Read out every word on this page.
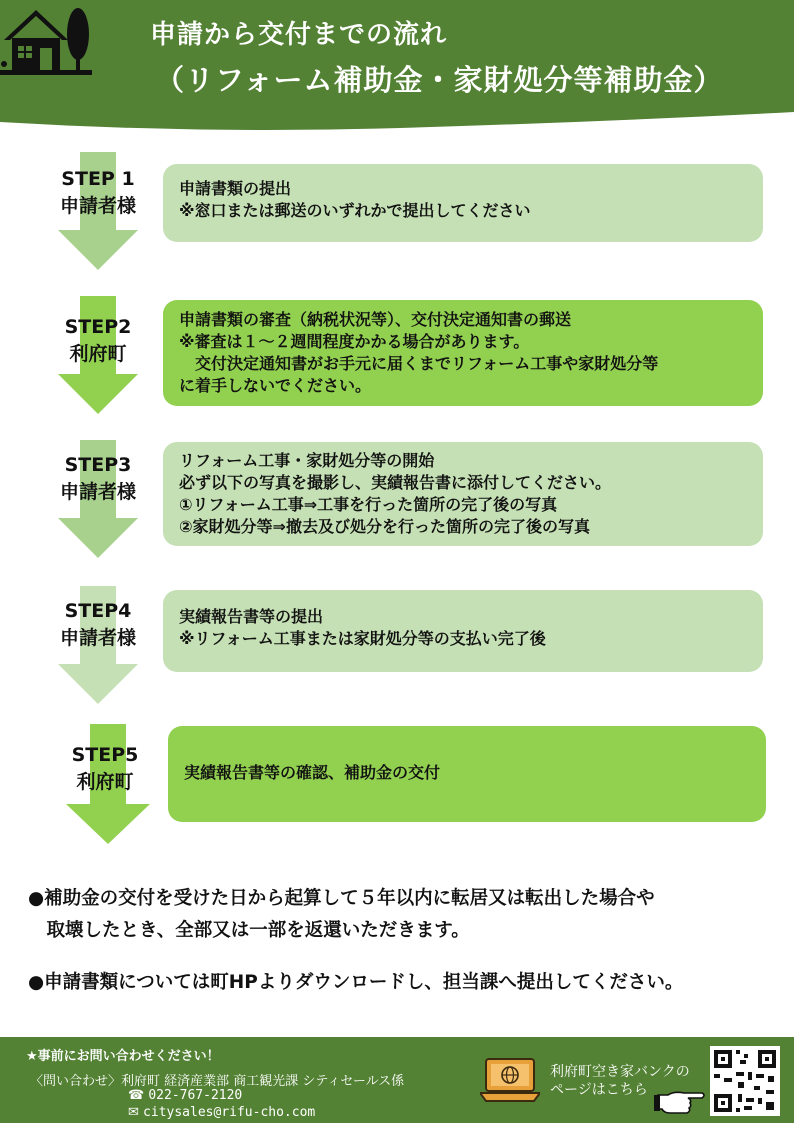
申請から交付までの流れ
（リフォーム補助金・家財処分等補助金）
STEP 1
申請者様
申請書類の提出
※窓口または郵送のいずれかで提出してください
STEP2
利府町
申請書類の審査（納税状況等）、交付決定通知書の郵送
※審査は１～２週間程度かかる場合があります。
　交付決定通知書がお手元に届くまでリフォーム工事や家財処分等
に着手しないでください。
STEP3
申請者様
リフォーム工事・家財処分等の開始
必ず以下の写真を撮影し、実績報告書に添付してください。
①リフォーム工事⇒工事を行った箇所の完了後の写真
②家財処分等⇒撤去及び処分を行った箇所の完了後の写真
STEP4
申請者様
実績報告書等の提出
※リフォーム工事または家財処分等の支払い完了後
STEP5
利府町	実績報告書等の確認、補助金の交付
●補助金の交付を受けた日から起算して５年以内に転居又は転出した場合や
　取壊したとき、全部又は一部を返還いただきます。
●申請書類については町HPよりダウンロードし、担当課へ提出してください。
★事前にお問い合わせください！
〈問い合わせ〉利府町 経済産業部 商工観光課 シティセールス係
☎ 022-767-2120
✉ citysales@rifu-cho.com
利府町空き家バンクの
ページはこちら
